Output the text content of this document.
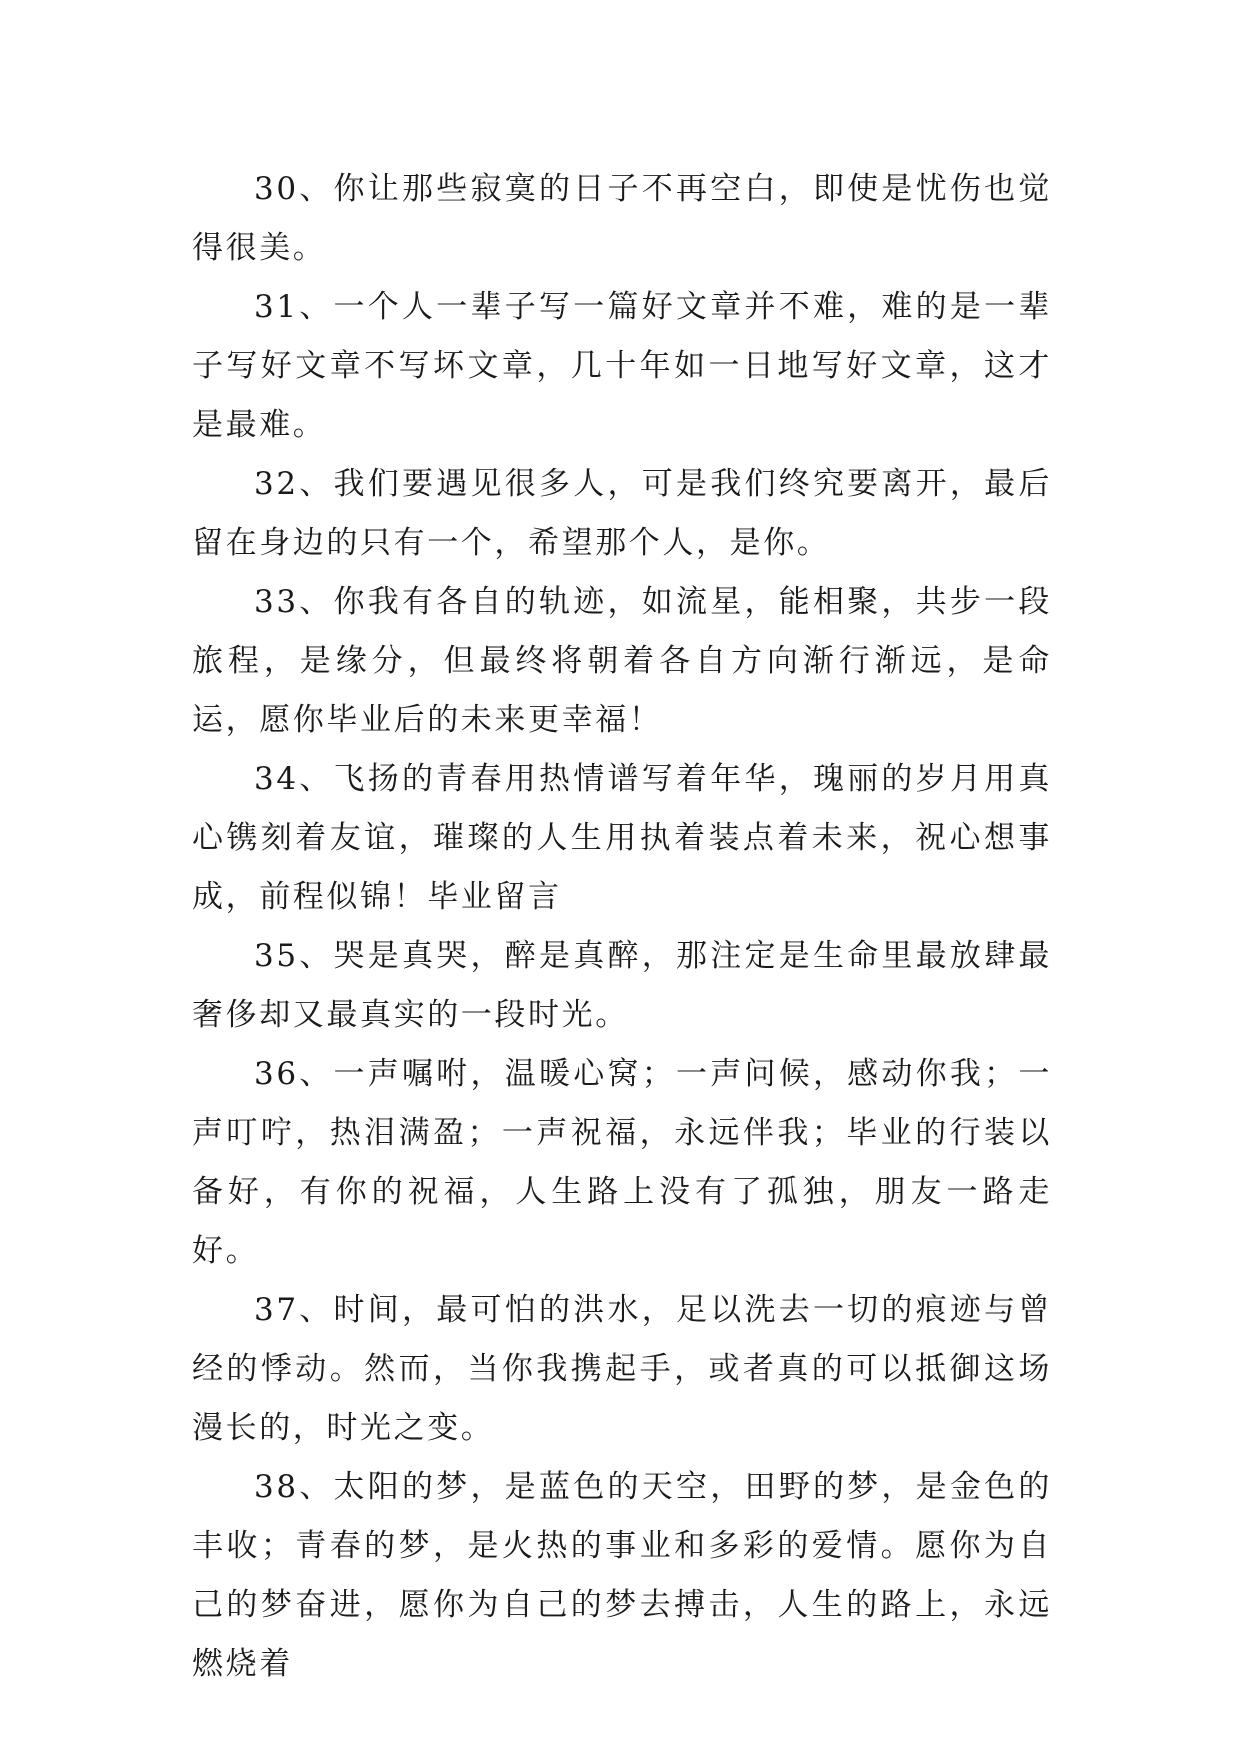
30、你让那些寂寞的日子不再空白，即使是忧伤也觉得很美。

31、一个人一辈子写一篇好文章并不难，难的是一辈子写好文章不写坏文章，几十年如一日地写好文章，这才是最难。

32、我们要遇见很多人，可是我们终究要离开，最后留在身边的只有一个，希望那个人，是你。

33、你我有各自的轨迹，如流星，能相聚，共步一段旅程，是缘分，但最终将朝着各自方向渐行渐远，是命运，愿你毕业后的未来更幸福！

34、飞扬的青春用热情谱写着年华，瑰丽的岁月用真心镌刻着友谊，璀璨的人生用执着装点着未来，祝心想事成，前程似锦！毕业留言

35、哭是真哭，醉是真醉，那注定是生命里最放肆最奢侈却又最真实的一段时光。

36、一声嘱咐，温暖心窝；一声问候，感动你我；一声叮咛，热泪满盈；一声祝福，永远伴我；毕业的行装以备好，有你的祝福，人生路上没有了孤独，朋友一路走好。

37、时间，最可怕的洪水，足以洗去一切的痕迹与曾经的悸动。然而，当你我携起手，或者真的可以抵御这场漫长的，时光之变。

38、太阳的梦，是蓝色的天空，田野的梦，是金色的丰收；青春的梦，是火热的事业和多彩的爱情。愿你为自己的梦奋进，愿你为自己的梦去搏击，人生的路上，永远燃烧着
